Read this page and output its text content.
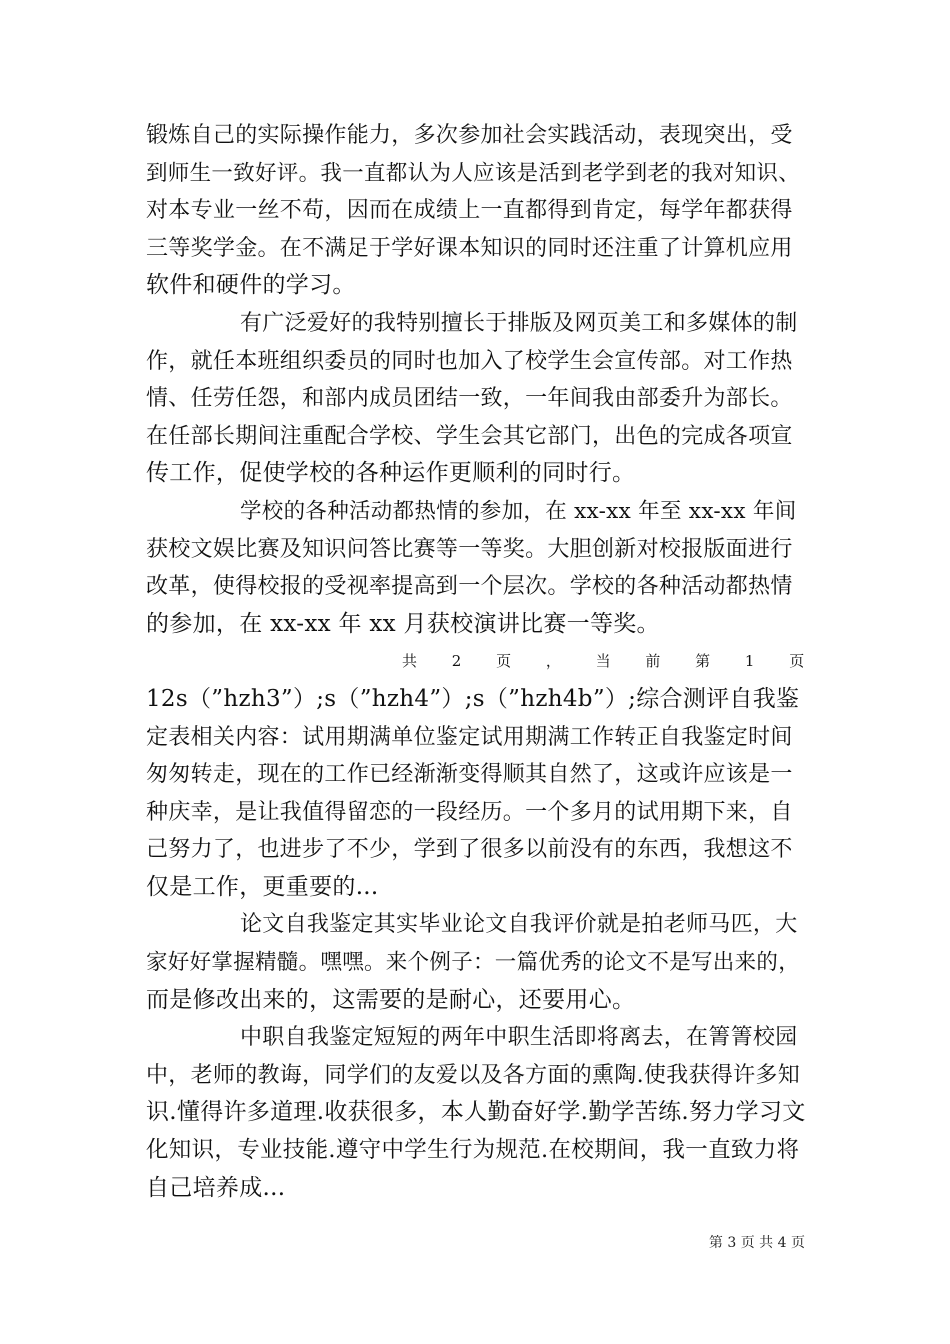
锻炼自己的实际操作能力，多次参加社会实践活动，表现突出，受
到师生一致好评。我一直都认为人应该是活到老学到老的我对知识、
对本专业一丝不苟，因而在成绩上一直都得到肯定，每学年都获得
三等奖学金。在不满足于学好课本知识的同时还注重了计算机应用
软件和硬件的学习。
有广泛爱好的我特别擅长于排版及网页美工和多媒体的制
作，就任本班组织委员的同时也加入了校学生会宣传部。对工作热
情、任劳任怨，和部内成员团结一致，一年间我由部委升为部长。
在任部长期间注重配合学校、学生会其它部门，出色的完成各项宣
传工作，促使学校的各种运作更顺利的同时行。
学校的各种活动都热情的参加，在 xx-xx 年至 xx-xx 年间
获校文娱比赛及知识问答比赛等一等奖。大胆创新对校报版面进行
改革，使得校报的受视率提高到一个层次。学校的各种活动都热情
的参加，在 xx-xx 年 xx 月获校演讲比赛一等奖。
共 2 页 ， 当 前 第 1 页
12s（”hzh3”）;s（”hzh4”）;s（”hzh4b”）;综合测评自我鉴
定表相关内容：试用期满单位鉴定试用期满工作转正自我鉴定时间
匆匆转走，现在的工作已经渐渐变得顺其自然了，这或许应该是一
种庆幸，是让我值得留恋的一段经历。一个多月的试用期下来，自
己努力了，也进步了不少，学到了很多以前没有的东西，我想这不
仅是工作，更重要的...
论文自我鉴定其实毕业论文自我评价就是拍老师马匹，大
家好好掌握精髓。嘿嘿。来个例子：一篇优秀的论文不是写出来的，
而是修改出来的，这需要的是耐心，还要用心。
中职自我鉴定短短的两年中职生活即将离去，在箐箐校园
中，老师的教诲，同学们的友爱以及各方面的熏陶.使我获得许多知
识.懂得许多道理.收获很多，本人勤奋好学.勤学苦练.努力学习文
化知识，专业技能.遵守中学生行为规范.在校期间，我一直致力将
自己培养成...
第 3 页 共 4 页
